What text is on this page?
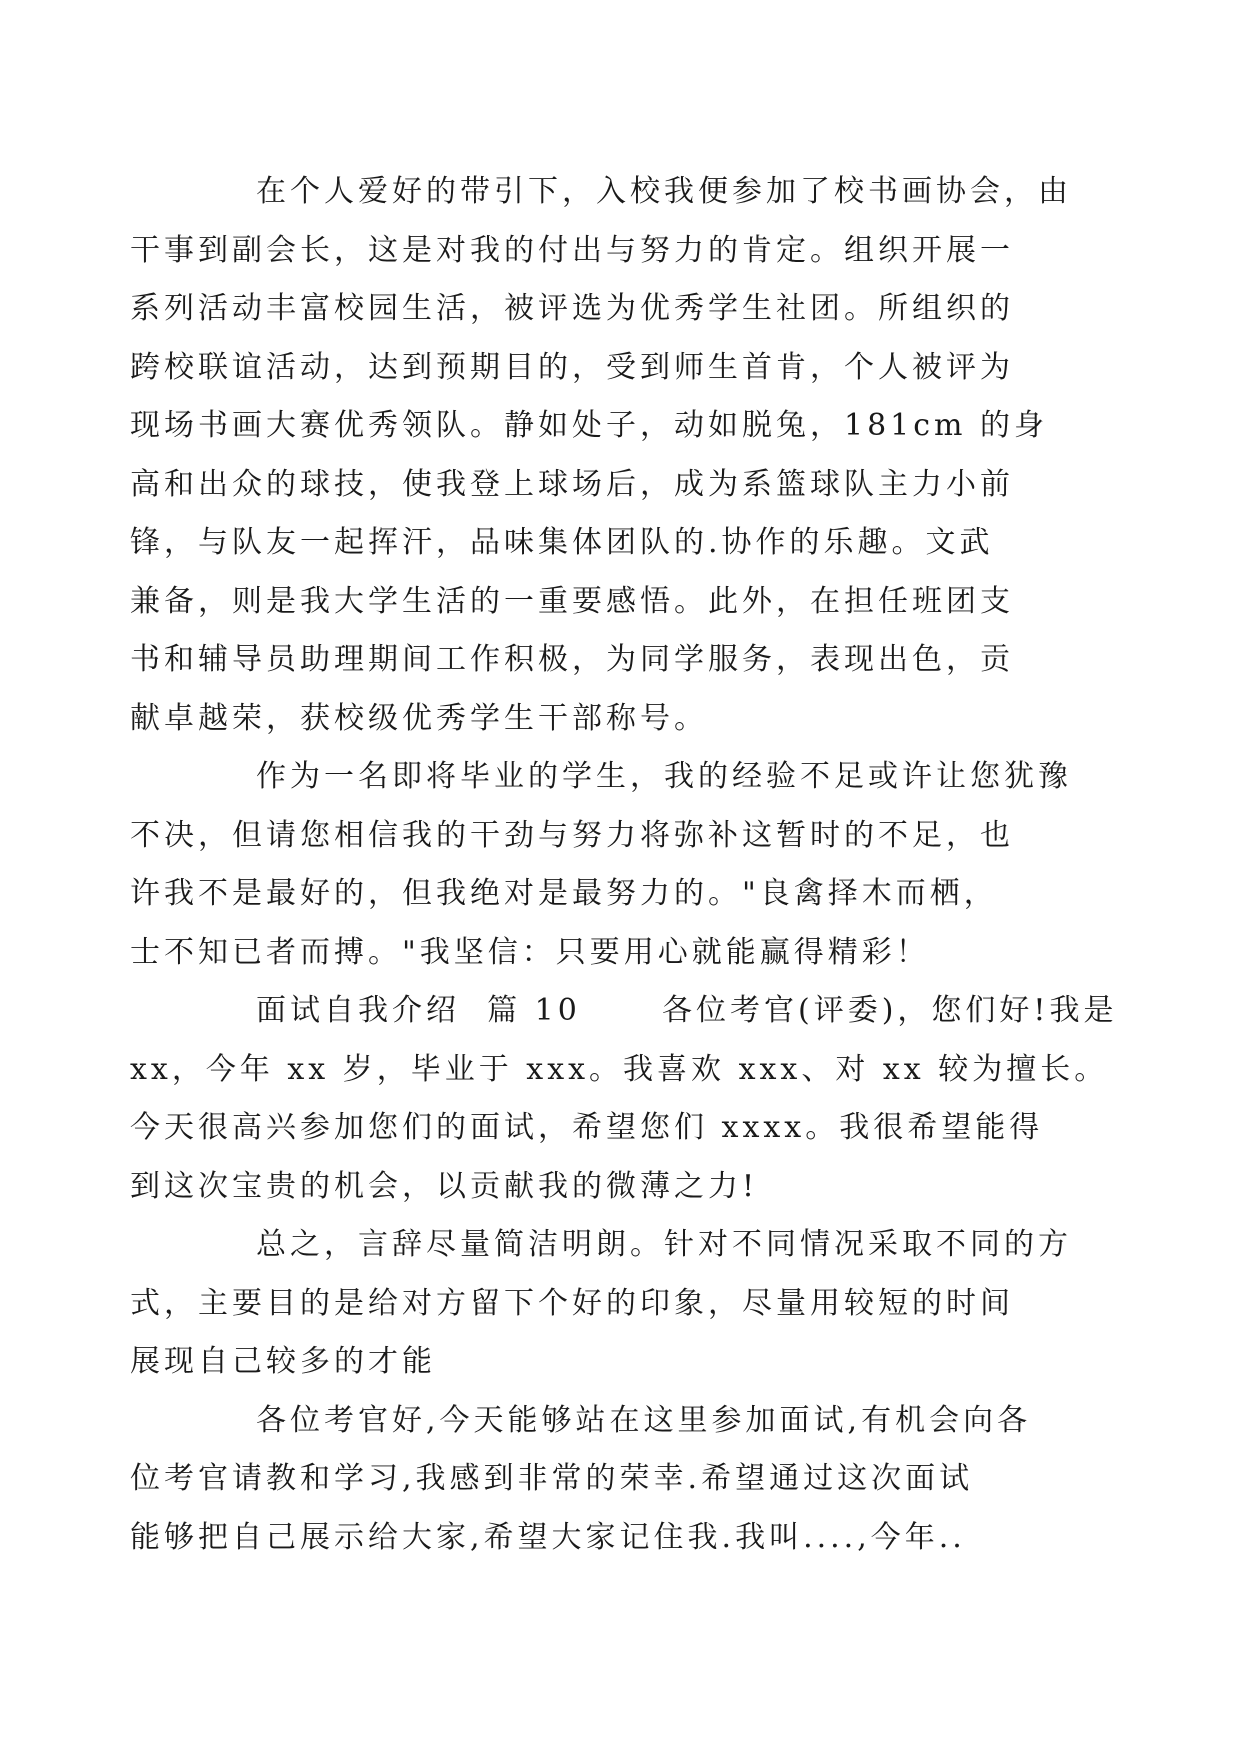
在个人爱好的带引下，入校我便参加了校书画协会，由
干事到副会长，这是对我的付出与努力的肯定。组织开展一
系列活动丰富校园生活，被评选为优秀学生社团。所组织的
跨校联谊活动，达到预期目的，受到师生首肯，个人被评为
现场书画大赛优秀领队。静如处子，动如脱兔，181cm 的身
高和出众的球技，使我登上球场后，成为系篮球队主力小前
锋，与队友一起挥汗，品味集体团队的.协作的乐趣。文武
兼备，则是我大学生活的一重要感悟。此外，在担任班团支
书和辅导员助理期间工作积极，为同学服务，表现出色，贡
献卓越荣，获校级优秀学生干部称号。

作为一名即将毕业的学生，我的经验不足或许让您犹豫
不决，但请您相信我的干劲与努力将弥补这暂时的不足，也
许我不是最好的，但我绝对是最努力的。"良禽择木而栖，
士不知已者而搏。"我坚信：只要用心就能赢得精彩！

面试自我介绍  篇 10      各位考官(评委)，您们好!我是
xx，今年 xx 岁，毕业于 xxx。我喜欢 xxx、对 xx 较为擅长。
今天很高兴参加您们的面试，希望您们 xxxx。我很希望能得
到这次宝贵的机会，以贡献我的微薄之力!

总之，言辞尽量简洁明朗。针对不同情况采取不同的方
式，主要目的是给对方留下个好的印象，尽量用较短的时间
展现自己较多的才能

各位考官好,今天能够站在这里参加面试,有机会向各
位考官请教和学习,我感到非常的荣幸.希望通过这次面试
能够把自己展示给大家,希望大家记住我.我叫....,今年..
